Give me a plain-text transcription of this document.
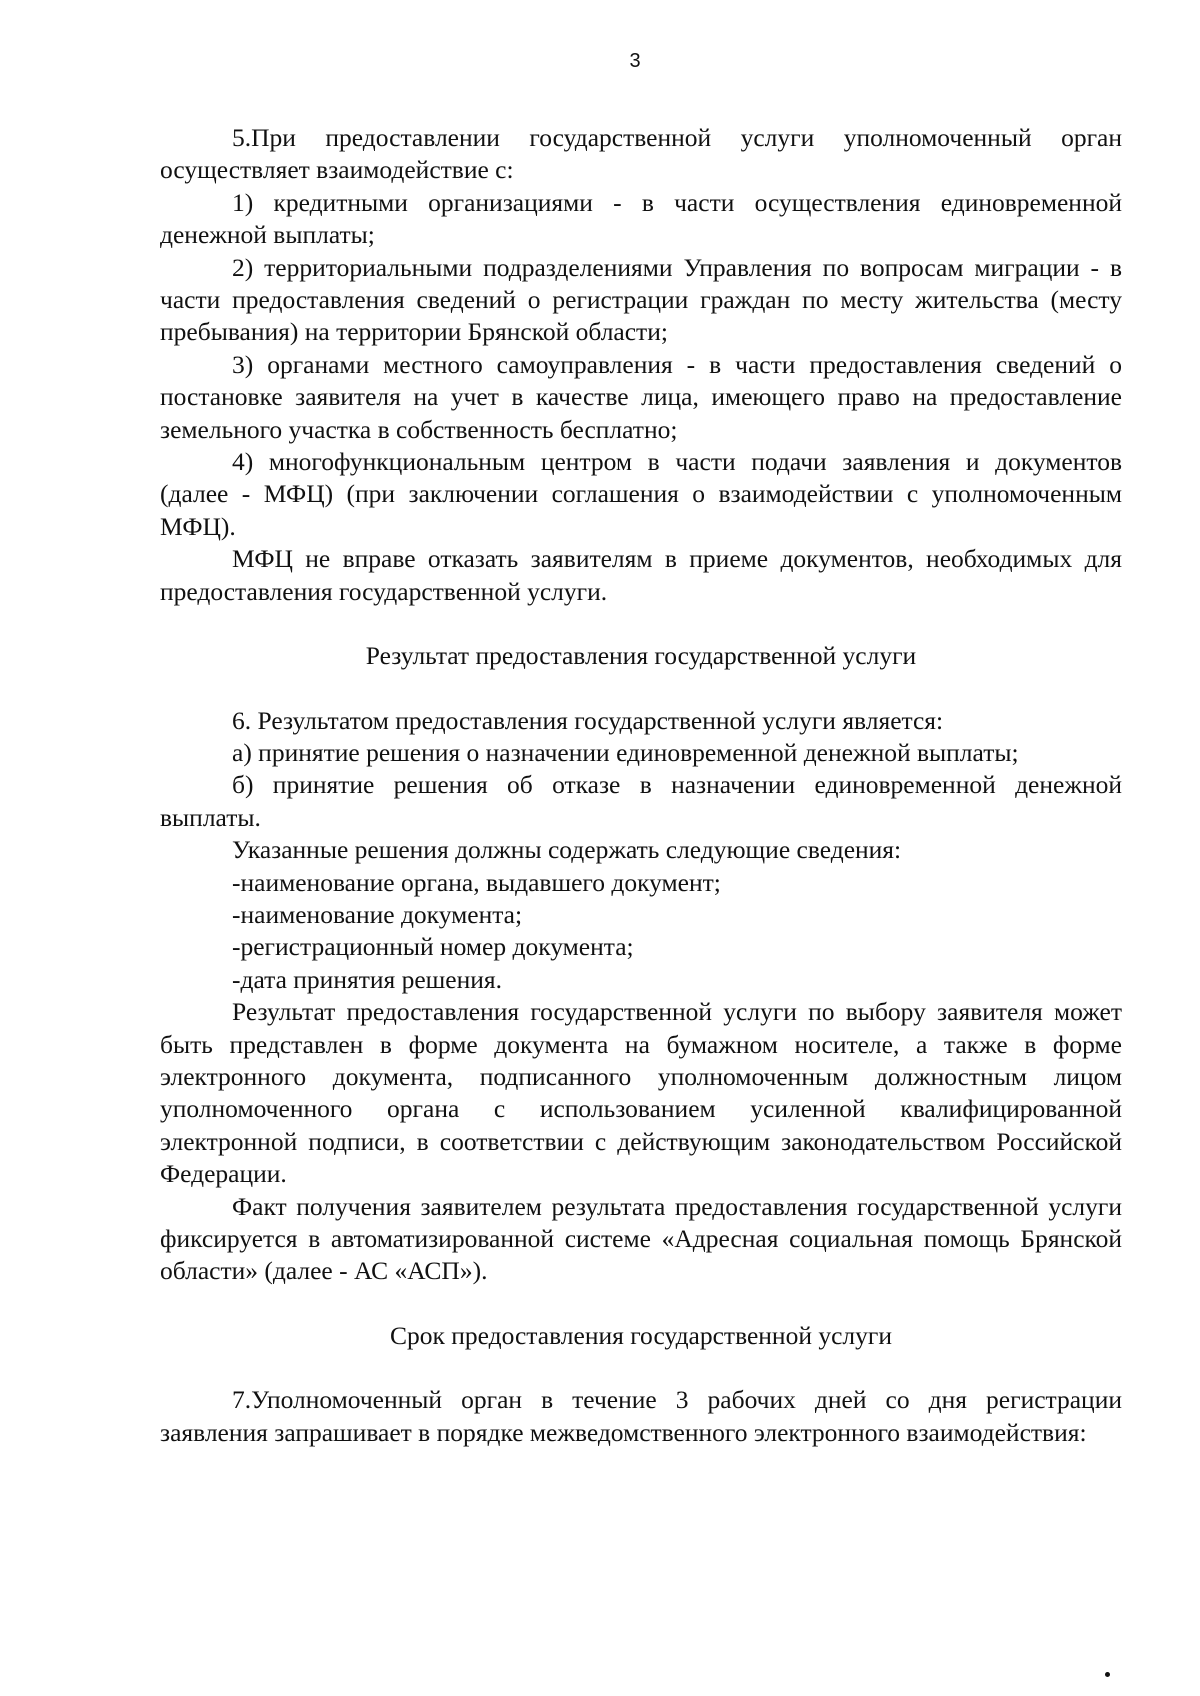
3

5.При предоставлении государственной услуги уполномоченный орган осуществляет взаимодействие с:

1) кредитными организациями - в части осуществления единовременной денежной выплаты;

2) территориальными подразделениями Управления по вопросам миграции - в части предоставления сведений о регистрации граждан по месту жительства (месту пребывания) на территории Брянской области;

3) органами местного самоуправления - в части предоставления сведений о постановке заявителя на учет в качестве лица, имеющего право на предоставление земельного участка в собственность бесплатно;

4) многофункциональным центром в части подачи заявления и документов (далее - МФЦ) (при заключении соглашения о взаимодействии с уполномоченным МФЦ).

МФЦ не вправе отказать заявителям в приеме документов, необходимых для предоставления государственной услуги.

Результат предоставления государственной услуги

6. Результатом предоставления государственной услуги является:

а) принятие решения о назначении единовременной денежной выплаты;

б) принятие решения об отказе в назначении единовременной денежной выплаты.

Указанные решения должны содержать следующие сведения:

-наименование органа, выдавшего документ;

-наименование документа;

-регистрационный номер документа;

-дата принятия решения.

Результат предоставления государственной услуги по выбору заявителя может быть представлен в форме документа на бумажном носителе, а также в форме электронного документа, подписанного уполномоченным должностным лицом уполномоченного органа с использованием усиленной квалифицированной электронной подписи, в соответствии с действующим законодательством Российской Федерации.

Факт получения заявителем результата предоставления государственной услуги фиксируется в автоматизированной системе «Адресная социальная помощь Брянской области» (далее - АС «АСП»).

Срок предоставления государственной услуги

7.Уполномоченный орган в течение 3 рабочих дней со дня регистрации заявления запрашивает в порядке межведомственного электронного взаимодействия:
